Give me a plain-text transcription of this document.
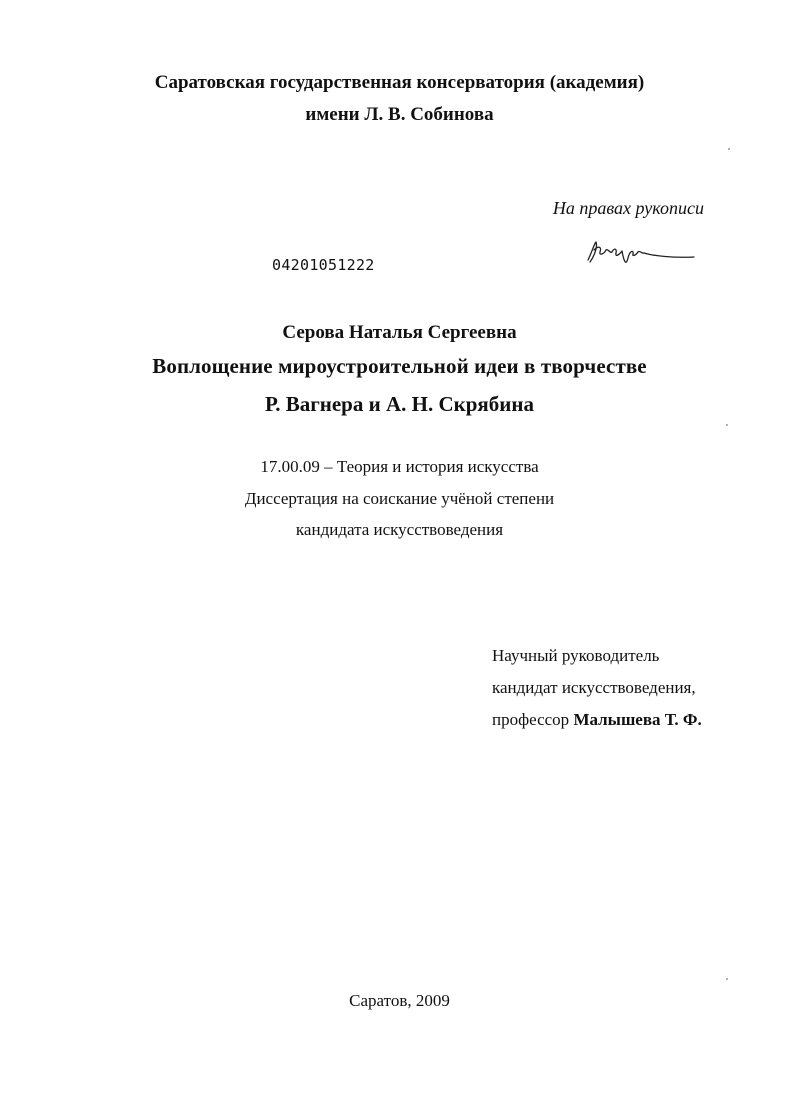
Саратовская государственная консерватория (академия)
имени Л. В. Собинова
На правах рукописи
04201051222
Серова Наталья Сергеевна
Воплощение мироустроительной идеи в творчестве
Р. Вагнера и А. Н. Скрябина
17.00.09 – Теория и история искусства
Диссертация на соискание учёной степени
кандидата искусствоведения
Научный руководитель
кандидат искусствоведения,
профессор Малышева Т. Ф.
Саратов, 2009
